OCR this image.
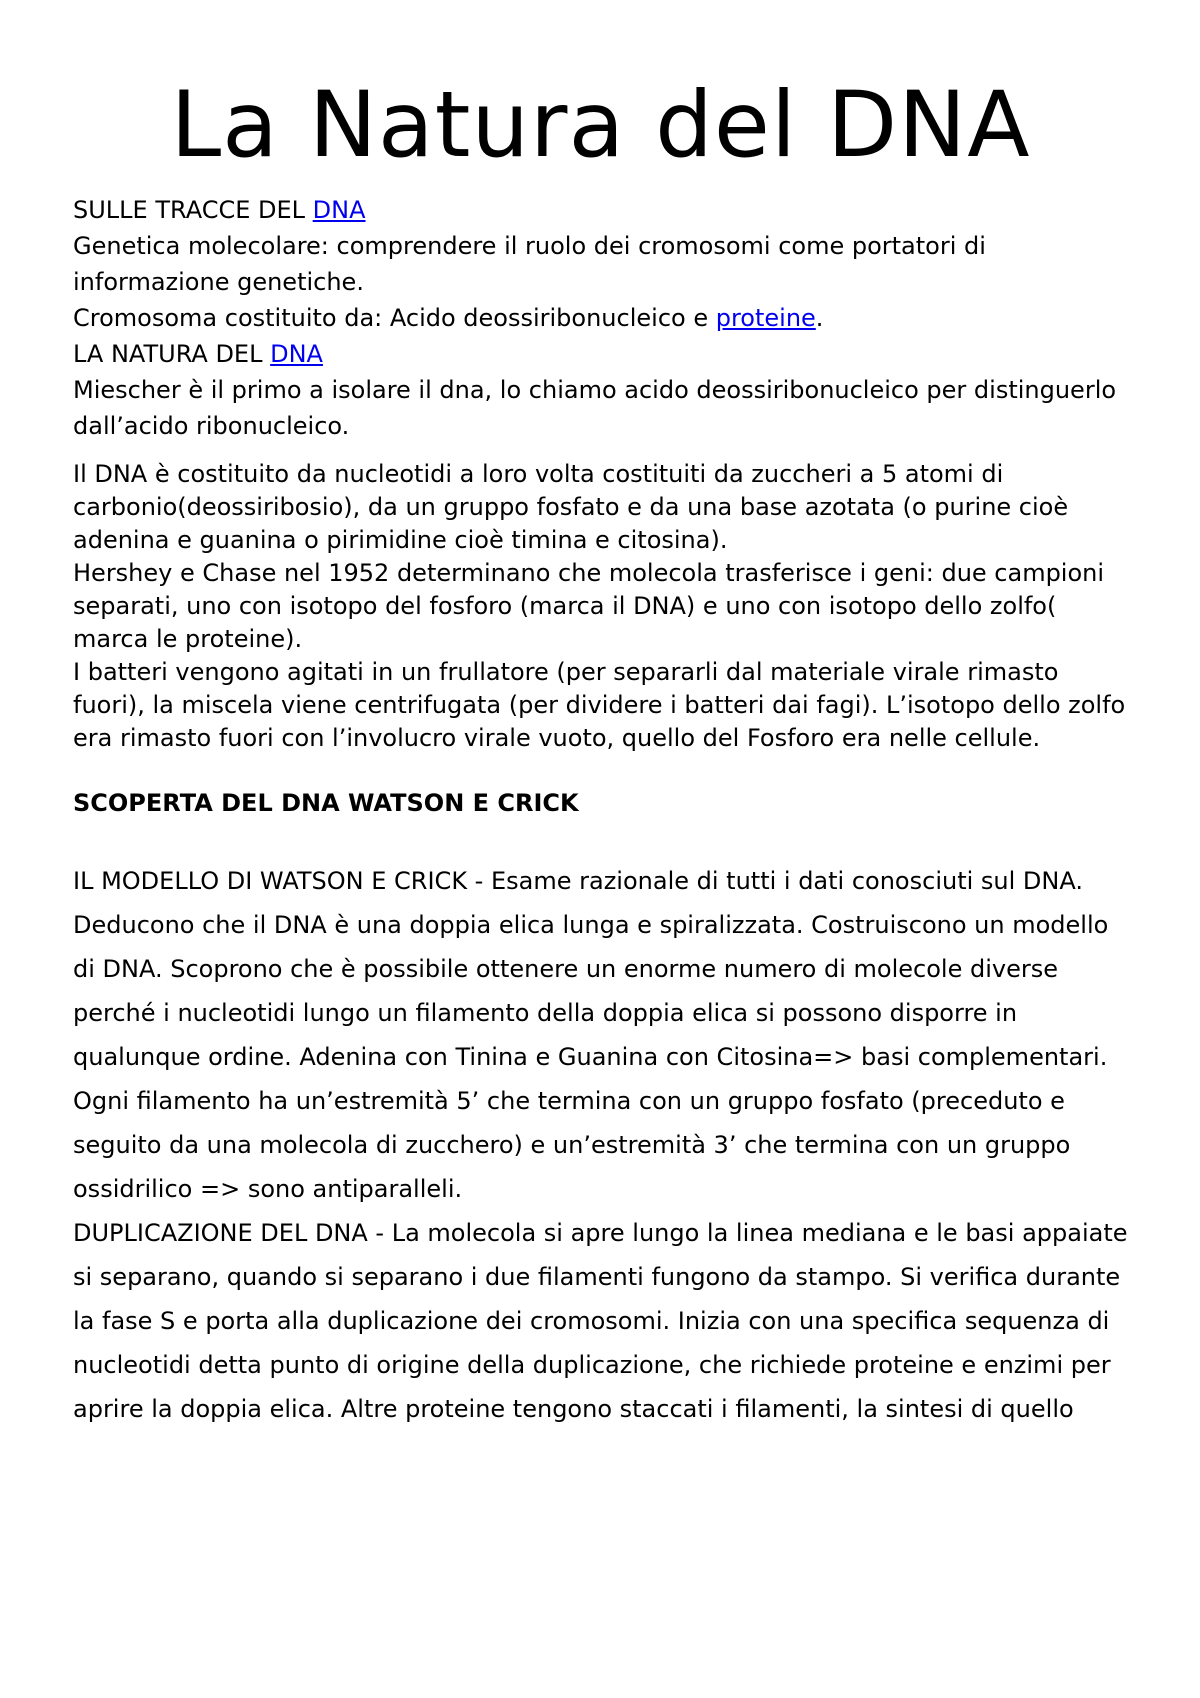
La Natura del DNA

SULLE TRACCE DEL DNA

Genetica molecolare: comprendere il ruolo dei cromosomi come portatori di informazione genetiche.

Cromosoma costituito da: Acido deossiribonucleico e proteine.

LA NATURA DEL DNA

Miescher è il primo a isolare il dna, lo chiamo acido deossiribonucleico per distinguerlo dall’acido ribonucleico.

Il DNA è costituito da nucleotidi a loro volta costituiti da zuccheri a 5 atomi di carbonio(deossiribosio), da un gruppo fosfato e da una base azotata (o purine cioè adenina e guanina o pirimidine cioè timina e citosina).

Hershey e Chase nel 1952 determinano che molecola trasferisce i geni: due campioni separati, uno con isotopo del fosforo (marca il DNA) e uno con isotopo dello zolfo( marca le proteine).

I batteri vengono agitati in un frullatore (per separarli dal materiale virale rimasto fuori), la miscela viene centrifugata (per dividere i batteri dai fagi). L’isotopo dello zolfo era rimasto fuori con l’involucro virale vuoto, quello del Fosforo era nelle cellule.

SCOPERTA DEL DNA WATSON E CRICK

IL MODELLO DI WATSON E CRICK - Esame razionale di tutti i dati conosciuti sul DNA. Deducono che il DNA è una doppia elica lunga e spiralizzata. Costruiscono un modello di DNA. Scoprono che è possibile ottenere un enorme numero di molecole diverse perché i nucleotidi lungo un filamento della doppia elica si possono disporre in qualunque ordine. Adenina con Tinina e Guanina con Citosina=> basi complementari. Ogni filamento ha un’estremità 5’ che termina con un gruppo fosfato (preceduto e seguito da una molecola di zucchero) e un’estremità 3’ che termina con un gruppo ossidrilico => sono antiparalleli.

DUPLICAZIONE DEL DNA - La molecola si apre lungo la linea mediana e le basi appaiate si separano, quando si separano i due filamenti fungono da stampo. Si verifica durante la fase S e porta alla duplicazione dei cromosomi. Inizia con una specifica sequenza di nucleotidi detta punto di origine della duplicazione, che richiede proteine e enzimi per aprire la doppia elica. Altre proteine tengono staccati i filamenti, la sintesi di quello
